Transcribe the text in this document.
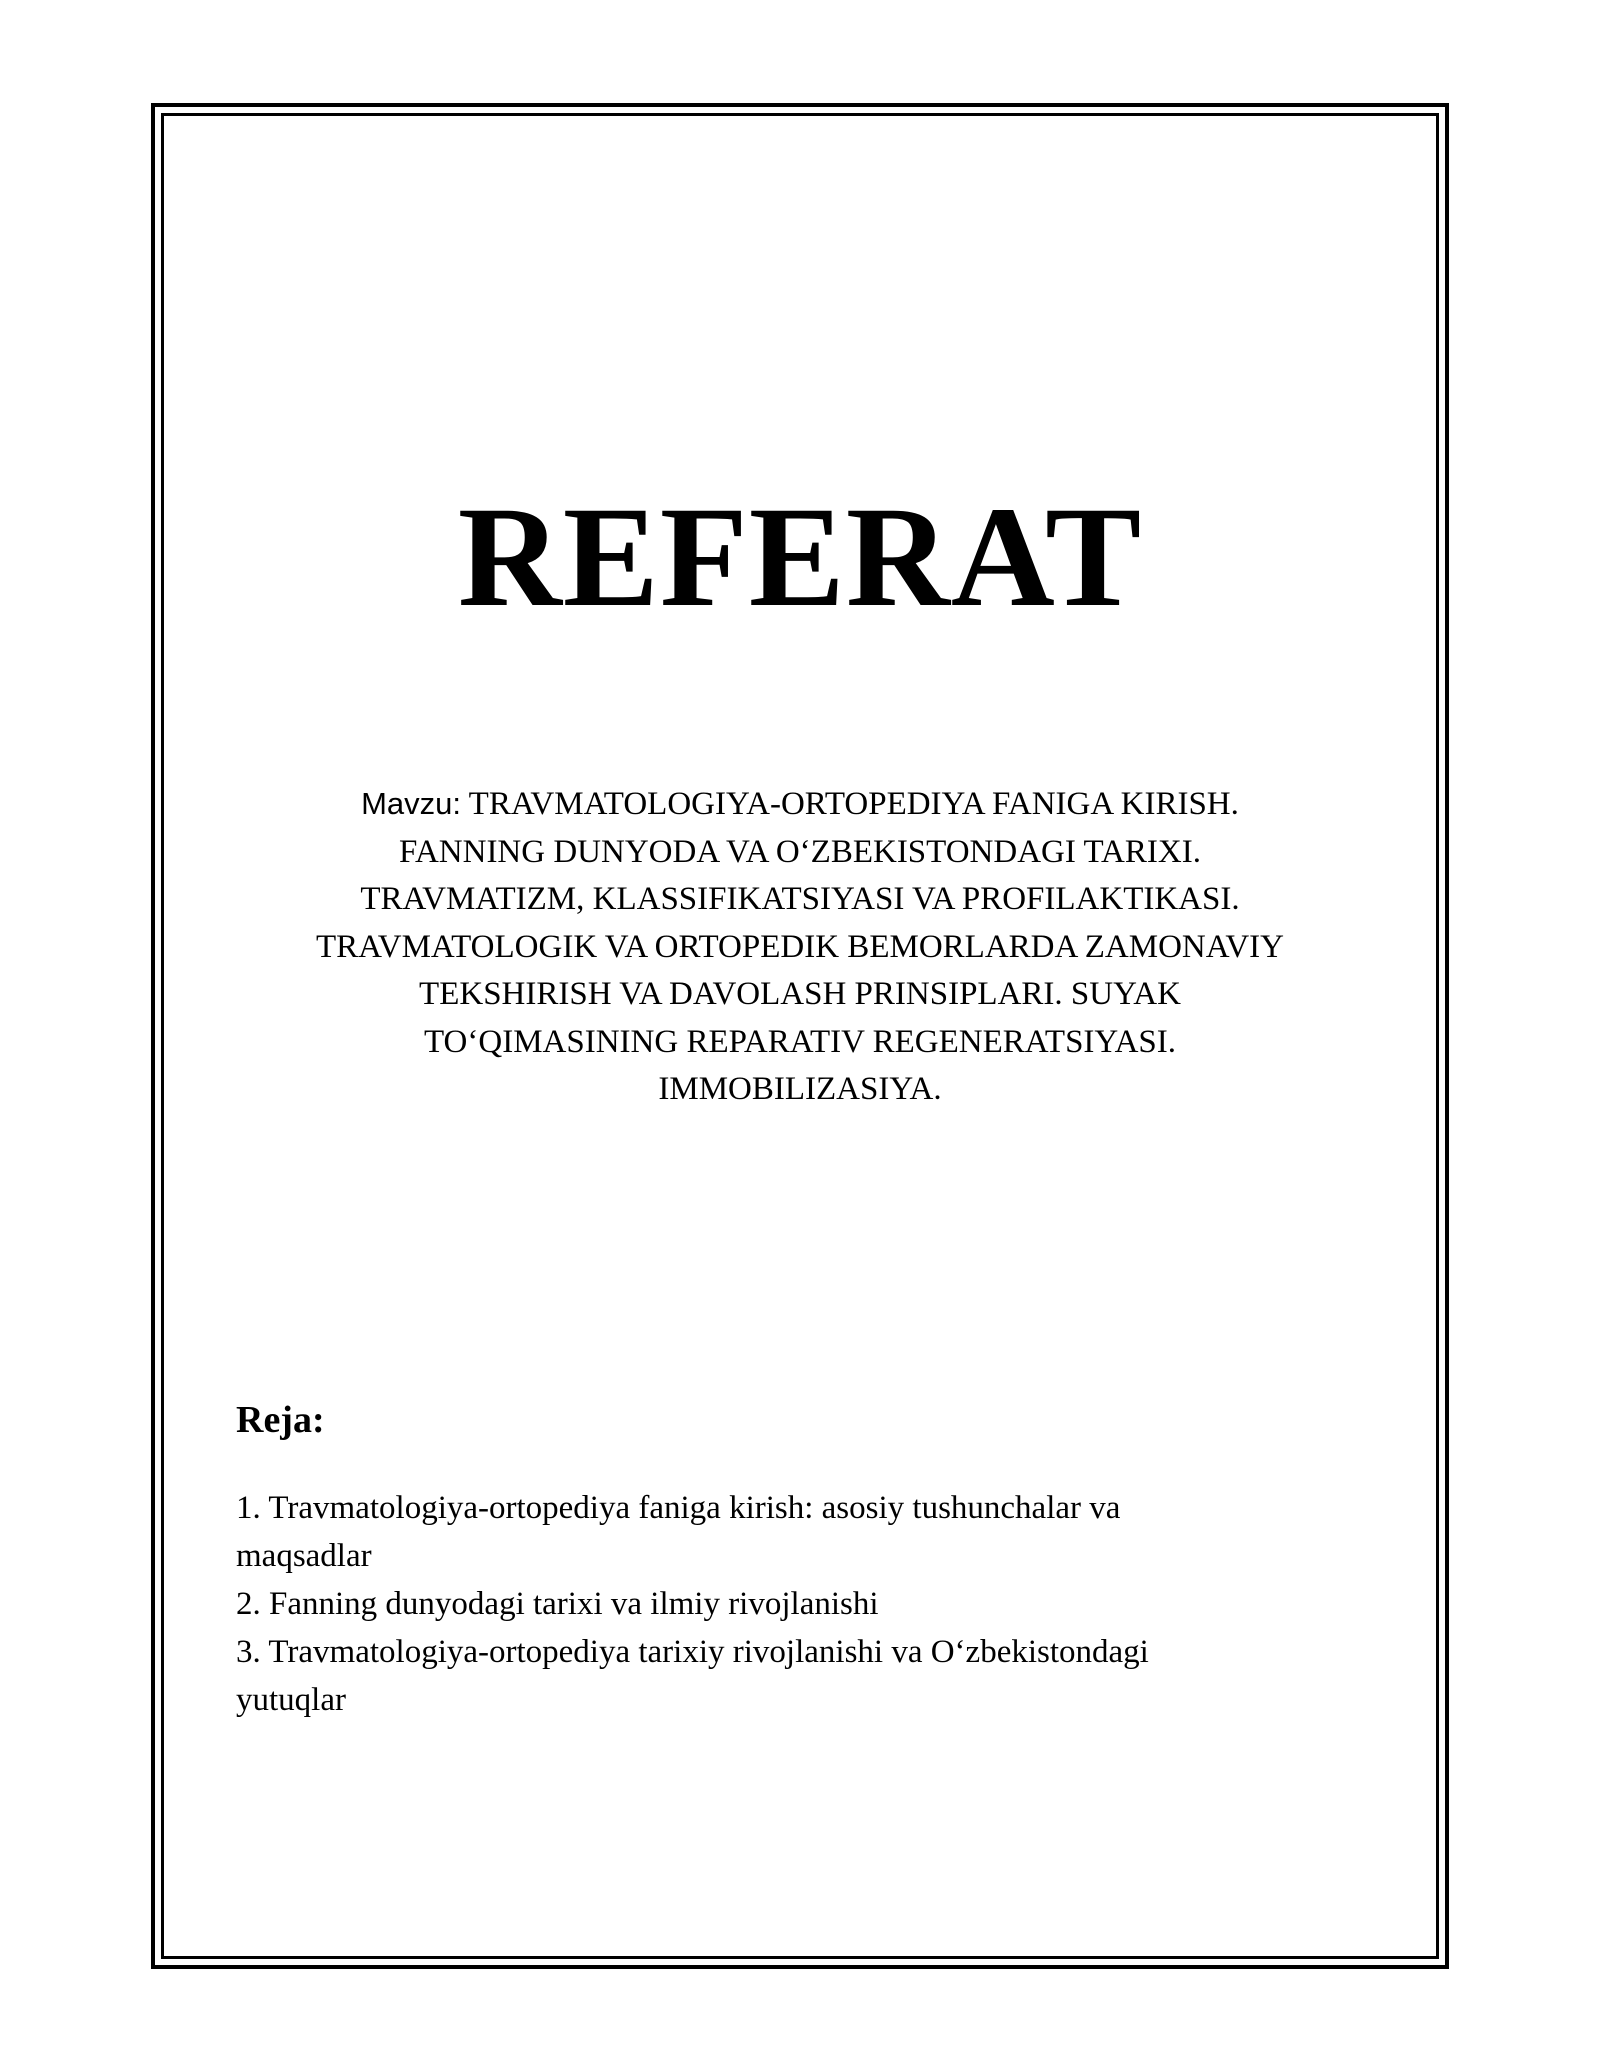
REFERAT

Mavzu: TRAVMATOLOGIYA-ORTOPEDIYA FANIGA KIRISH.
FANNING DUNYODA VA O‘ZBEKISTONDAGI TARIXI.
TRAVMATIZM, KLASSIFIKATSIYASI VA PROFILAKTIKASI.
TRAVMATOLOGIK VA ORTOPEDIK BEMORLARDA ZAMONAVIY
TEKSHIRISH VA DAVOLASH PRINSIPLARI. SUYAK
TO‘QIMASINING REPARATIV REGENERATSIYASI.
IMMOBILIZASIYA.

Reja:
1. Travmatologiya-ortopediya faniga kirish: asosiy tushunchalar va
maqsadlar
2. Fanning dunyodagi tarixi va ilmiy rivojlanishi
3. Travmatologiya-ortopediya tarixiy rivojlanishi va O‘zbekistondagi
yutuqlar
